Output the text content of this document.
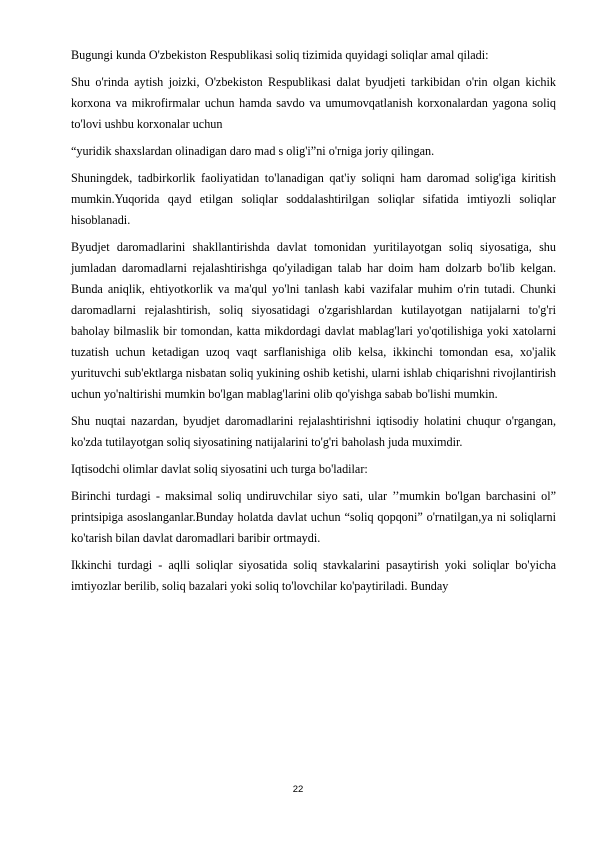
Bugungi kunda O'zbekiston Respublikasi soliq tizimida quyidagi soliqlar amal qiladi:

Shu o'rinda aytish joizki, O'zbekiston Respublikasi dalat byudjeti tarkibidan o'rin olgan kichik korxona va mikrofirmalar uchun hamda savdo va umumovqatlanish korxonalardan yagona soliq to'lovi ushbu korxonalar uchun

“yuridik shaxslardan olinadigan daro mad s olig'i”ni o'rniga joriy qilingan.

Shuningdek, tadbirkorlik faoliyatidan to'lanadigan qat'iy soliqni ham daromad solig'iga kiritish mumkin.Yuqorida qayd etilgan soliqlar soddalashtirilgan soliqlar sifatida imtiyozli soliqlar hisoblanadi.

Byudjet daromadlarini shakllantirishda davlat tomonidan yuritilayotgan soliq siyosatiga, shu jumladan daromadlarni rejalashtirishga qo'yiladigan talab har doim ham dolzarb bo'lib kelgan. Bunda aniqlik, ehtiyotkorlik va ma'qul yo'lni tanlash kabi vazifalar muhim o'rin tutadi. Chunki daromadlarni rejalashtirish, soliq siyosatidagi o'zgarishlardan kutilayotgan natijalarni to'g'ri baholay bilmaslik bir tomondan, katta mikdordagi davlat mablag'lari yo'qotilishiga yoki xatolarni tuzatish uchun ketadigan uzoq vaqt sarflanishiga olib kelsa, ikkinchi tomondan esa, xo'jalik yurituvchi sub'ektlarga nisbatan soliq yukining oshib ketishi, ularni ishlab chiqarishni rivojlantirish uchun yo'naltirishi mumkin bo'lgan mablag'larini olib qo'yishga sabab bo'lishi mumkin.

Shu nuqtai nazardan, byudjet daromadlarini rejalashtirishni iqtisodiy holatini chuqur o'rgangan, ko'zda tutilayotgan soliq siyosatining natijalarini to'g'ri baholash juda muximdir.

Iqtisodchi olimlar davlat soliq siyosatini uch turga bo'ladilar:

Birinchi turdagi - maksimal soliq undiruvchilar siyo sati, ular ’’mumkin bo'lgan barchasini ol” printsipiga asoslanganlar.Bunday holatda davlat uchun “soliq qopqoni” o'rnatilgan,ya ni soliqlarni ko'tarish bilan davlat daromadlari baribir ortmaydi.

Ikkinchi turdagi - aqlli soliqlar siyosatida soliq stavkalarini pasaytirish yoki soliqlar bo'yicha imtiyozlar berilib, soliq bazalari yoki soliq to'lovchilar ko'paytiriladi. Bunday

22
